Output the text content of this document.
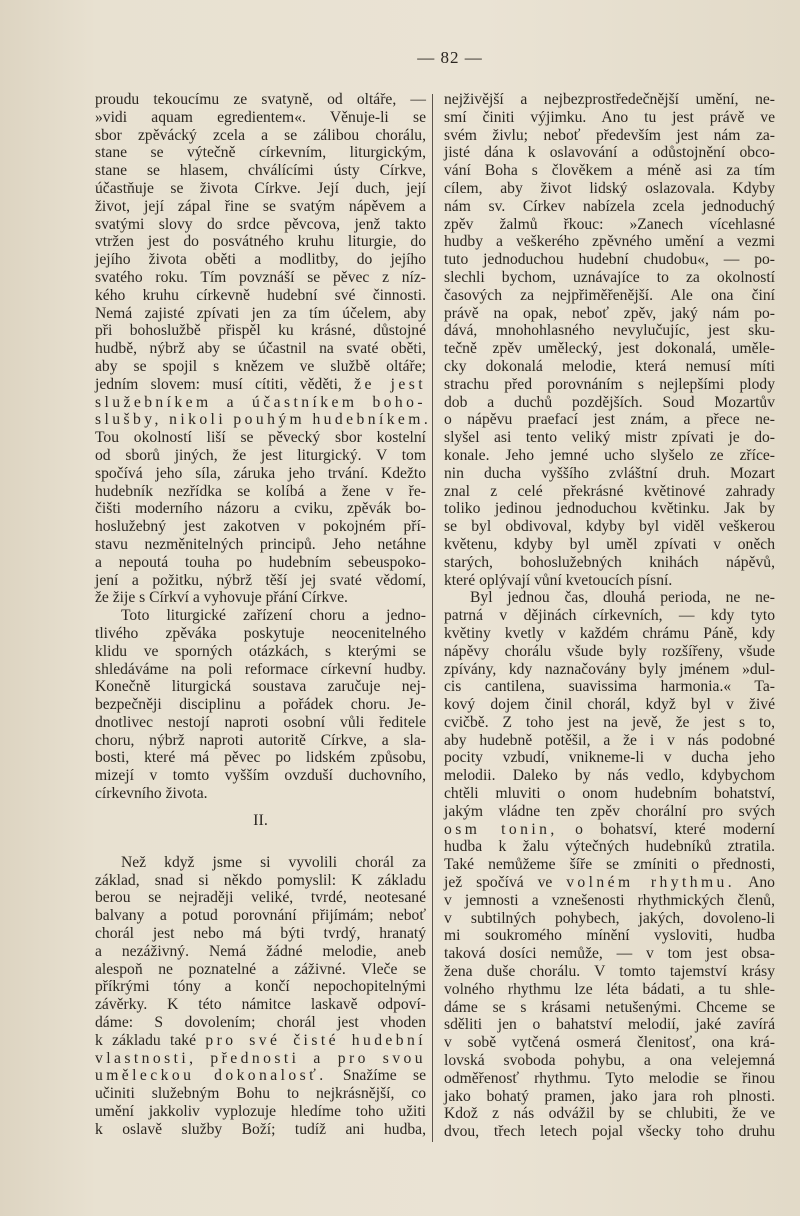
— 82 —
proudu tekoucímu ze svatyně, od oltáře, —
»vidi aquam egredientem«. Věnuje-li se
sbor zpěvácký zcela a se zálibou chorálu,
stane se výtečně církevním, liturgickým,
stane se hlasem, chválícími ústy Církve,
účastňuje se života Církve. Její duch, její
život, její zápal řine se svatým nápěvem a
svatými slovy do srdce pěvcova, jenž takto
vtržen jest do posvátného kruhu liturgie, do
jejího života oběti a modlitby, do jejího
svatého roku. Tím povznáší se pěvec z níz-
kého kruhu církevně hudební své činnosti.
Nemá zajisté zpívati jen za tím účelem, aby
při bohoslužbě přispěl ku krásné, důstojné
hudbě, nýbrž aby se účastnil na svaté oběti,
aby se spojil s knězem ve službě oltáře;
jedním slovem: musí cítiti, věděti, že jest
služebníkem a účastníkem boho-
slušby, nikoli pouhým hudebníkem.
Tou okolností liší se pěvecký sbor kostelní
od sborů jiných, že jest liturgický. V tom
spočívá jeho síla, záruka jeho trvání. Kdežto
hudebník nezřídka se kolíbá a žene v ře-
čišti moderního názoru a cviku, zpěvák bo-
hoslužebný jest zakotven v pokojném pří-
stavu nezměnitelných principů. Jeho netáhne
a nepoutá touha po hudebním sebeuspoko-
jení a požitku, nýbrž těší jej svaté vědomí,
že žije s Církví a vyhovuje přání Církve.
Toto liturgické zařízení choru a jedno-
tlivého zpěváka poskytuje neocenitelného
klidu ve sporných otázkách, s kterými se
shledáváme na poli reformace církevní hudby.
Konečně liturgická soustava zaručuje nej-
bezpečněji disciplinu a pořádek choru. Je-
dnotlivec nestojí naproti osobní vůli ředitele
choru, nýbrž naproti autoritě Církve, a sla-
bosti, které má pěvec po lidském způsobu,
mizejí v tomto vyšším ovzduší duchovního,
církevního života.
II.
Než když jsme si vyvolili chorál za
základ, snad si někdo pomyslil: K základu
berou se nejraději veliké, tvrdé, neotesané
balvany a potud porovnání přijímám; neboť
chorál jest nebo má býti tvrdý, hranatý
a nezáživný. Nemá žádné melodie, aneb
alespoň ne poznatelné a záživné. Vleče se
příkrými tóny a končí nepochopitelnými
závěrky. K této námitce laskavě odpoví-
dáme: S dovolením; chorál jest vhoden
k základu také pro své čisté hudební
vlastnosti, přednosti a pro svou
uměleckou dokonalosť. Snažíme se
učiniti služebným Bohu to nejkrásnější, co
umění jakkoliv vyplozuje hledíme toho užiti
k oslavě služby Boží; tudíž ani hudba,
nejživější a nejbezprostředečnější umění, ne-
smí činiti výjimku. Ano tu jest právě ve
svém živlu; neboť především jest nám za-
jisté dána k oslavování a odůstojnění obco-
vání Boha s člověkem a méně asi za tím
cílem, aby život lidský oslazovala. Kdyby
nám sv. Církev nabízela zcela jednoduchý
zpěv žalmů řkouc: »Zanech vícehlasné
hudby a veškerého zpěvného umění a vezmi
tuto jednoduchou hudební chudobu«, — po-
slechli bychom, uznávajíce to za okolností
časových za nejpřiměřenější. Ale ona činí
právě na opak, neboť zpěv, jaký nám po-
dává, mnohohlasného nevylučujíc, jest sku-
tečně zpěv umělecký, jest dokonalá, uměle-
cky dokonalá melodie, která nemusí míti
strachu před porovnáním s nejlepšími plody
dob a duchů pozdějších. Soud Mozartův
o nápěvu praefací jest znám, a přece ne-
slyšel asi tento veliký mistr zpívati je do-
konale. Jeho jemné ucho slyšelo ze zříce-
nin ducha vyššího zvláštní druh. Mozart
znal z celé překrásné květinové zahrady
toliko jedinou jednoduchou květinku. Jak by
se byl obdivoval, kdyby byl viděl veškerou
květenu, kdyby byl uměl zpívati v oněch
starých, bohoslužebných knihách nápěvů,
které oplývají vůní kvetoucích písní.
Byl jednou čas, dlouhá perioda, ne ne-
patrná v dějinách církevních, — kdy tyto
květiny kvetly v každém chrámu Páně, kdy
nápěvy chorálu všude byly rozšířeny, všude
zpívány, kdy naznačovány byly jménem »dul-
cis cantilena, suavissima harmonia.« Ta-
kový dojem činil chorál, když byl v živé
cvičbě. Z toho jest na jevě, že jest s to,
aby hudebně potěšil, a že i v nás podobné
pocity vzbudí, vnikneme-li v ducha jeho
melodii. Daleko by nás vedlo, kdybychom
chtěli mluviti o onom hudebním bohatství,
jakým vládne ten zpěv chorální pro svých
osm tonin, o bohatsví, které moderní
hudba k žalu výtečných hudebníků ztratila.
Také nemůžeme šíře se zmíniti o přednosti,
jež spočívá ve volném rhythmu. Ano
v jemnosti a vznešenosti rhythmických členů,
v subtilných pohybech, jakých, dovoleno-li
mi soukromého mínění vysloviti, hudba
taková dosíci nemůže, — v tom jest obsa-
žena duše chorálu. V tomto tajemství krásy
volného rhythmu lze léta bádati, a tu shle-
dáme se s krásami netušenými. Chceme se
sděliti jen o bahatství melodií, jaké zavírá
v sobě vytčená osmerá členitosť, ona krá-
lovská svoboda pohybu, a ona velejemná
odměřenosť rhythmu. Tyto melodie se řinou
jako bohatý pramen, jako jara roh plnosti.
Kdož z nás odvážil by se chlubiti, že ve
dvou, třech letech pojal všecky toho druhu
